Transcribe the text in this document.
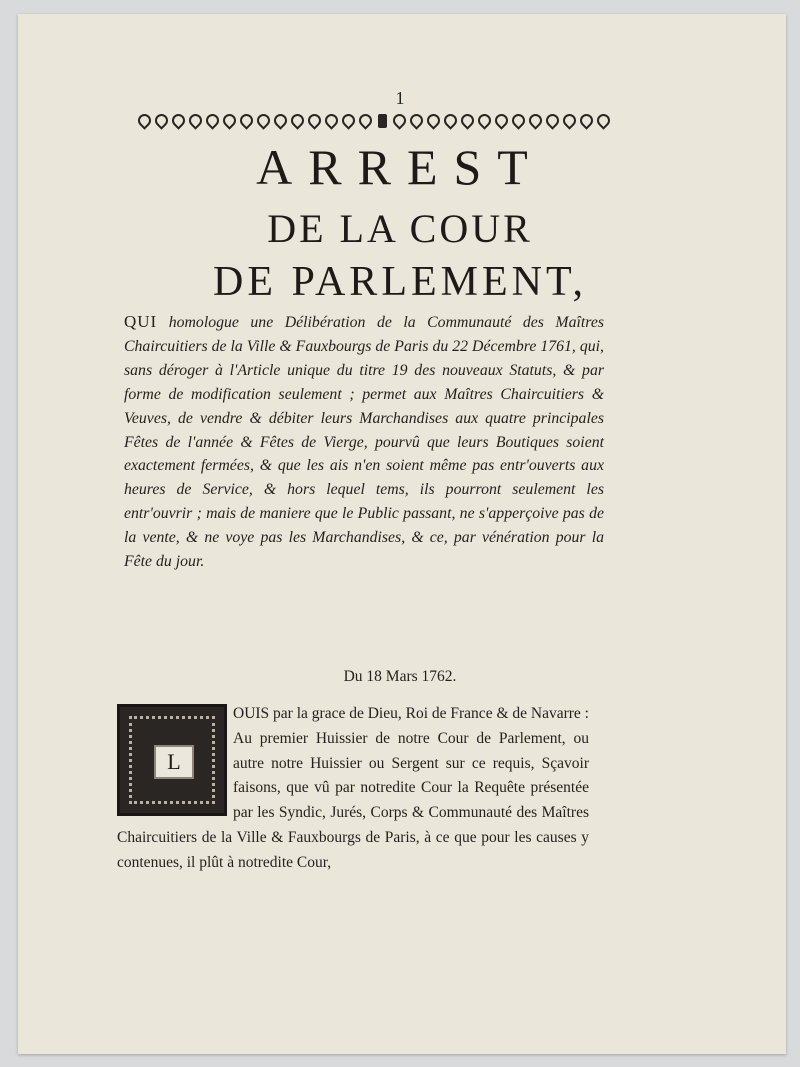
1
ARREST
DE LA COUR
DE PARLEMENT,
QUI homologue une Délibération de la Communauté des Maîtres Chaircuitiers de la Ville & Fauxbourgs de Paris du 22 Décembre 1761, qui, sans déroger à l'Article unique du titre 19 des nouveaux Statuts, & par forme de modification seulement ; permet aux Maîtres Chaircuitiers & Veuves, de vendre & débiter leurs Marchandises aux quatre principales Fêtes de l'année & Fêtes de Vierge, pourvû que leurs Boutiques soient exactement fermées, & que les ais n'en soient même pas entr'ouverts aux heures de Service, & hors lequel tems, ils pourront seulement les entr'ouvrir ; mais de maniere que le Public passant, ne s'apperçoive pas de la vente, & ne voye pas les Marchandises, & ce, par vénération pour la Fête du jour.
Du 18 Mars 1762.
OUIS par la grace de Dieu, Roi de France & de Navarre : Au premier Huissier de notre Cour de Parlement, ou autre notre Huissier ou Sergent sur ce requis, Sçavoir faisons, que vû par notredite Cour la Requête présentée par les Syndic, Jurés, Corps & Communauté des Maîtres Chaircuitiers de la Ville & Fauxbourgs de Paris, à ce que pour les causes y contenues, il plût à notredite Cour,
L
